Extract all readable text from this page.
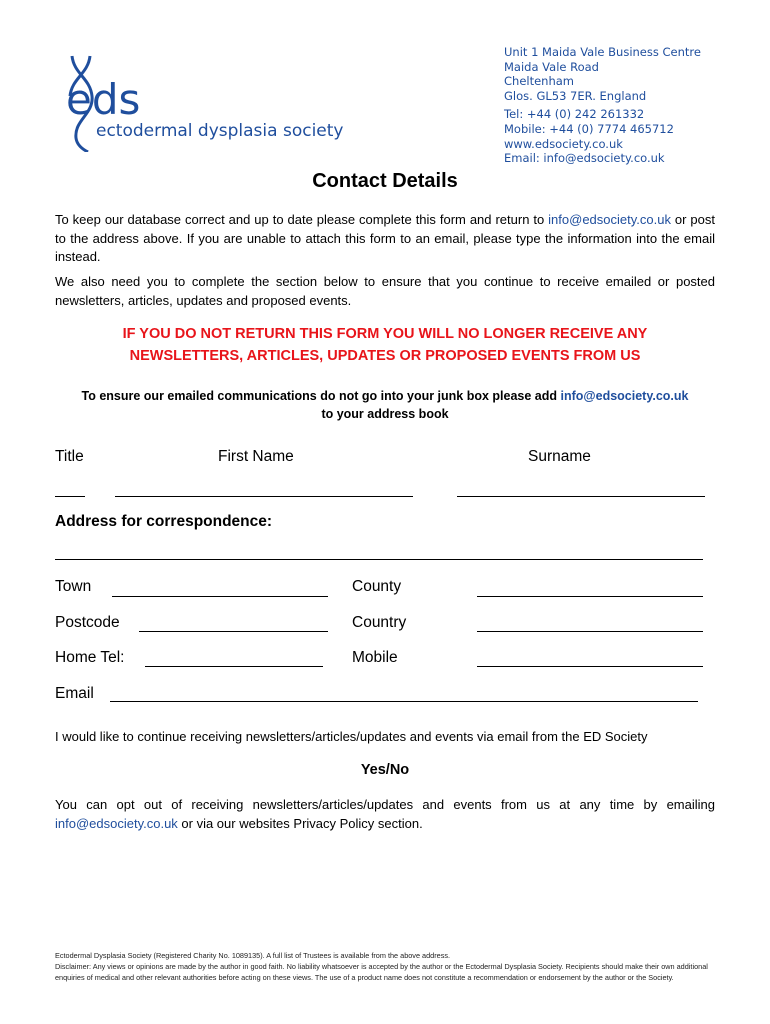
eds
ectodermal dysplasia society
Unit 1 Maida Vale Business Centre
Maida Vale Road
Cheltenham
Glos. GL53 7ER. England
Tel: +44 (0) 242 261332
Mobile: +44 (0) 7774 465712
www.edsociety.co.uk
Email: info@edsociety.co.uk
Contact Details
To keep our database correct and up to date please complete this form and return to info@edsociety.co.uk or post to the address above. If you are unable to attach this form to an email, please type the information into the email instead.
We also need you to complete the section below to ensure that you continue to receive emailed or posted newsletters, articles, updates and proposed events.
IF YOU DO NOT RETURN THIS FORM YOU WILL NO LONGER RECEIVE ANY
NEWSLETTERS, ARTICLES, UPDATES OR PROPOSED EVENTS FROM US
To ensure our emailed communications do not go into your junk box please add info@edsociety.co.uk
to your address book
Title	First Name	Surname
Address for correspondence:
Town	County
Postcode	Country
Home Tel:	Mobile
Email
I would like to continue receiving newsletters/articles/updates and events via email from the ED Society
Yes/No
You can opt out of receiving newsletters/articles/updates and events from us at any time by emailing info@edsociety.co.uk or via our websites Privacy Policy section.
Ectodermal Dysplasia Society (Registered Charity No. 1089135). A full list of Trustees is available from the above address.
Disclaimer: Any views or opinions are made by the author in good faith. No liability whatsoever is accepted by the author or the Ectodermal Dysplasia Society. Recipients should make their own additional
enquiries of medical and other relevant authorities before acting on these views. The use of a product name does not constitute a recommendation or endorsement by the author or the Society.
